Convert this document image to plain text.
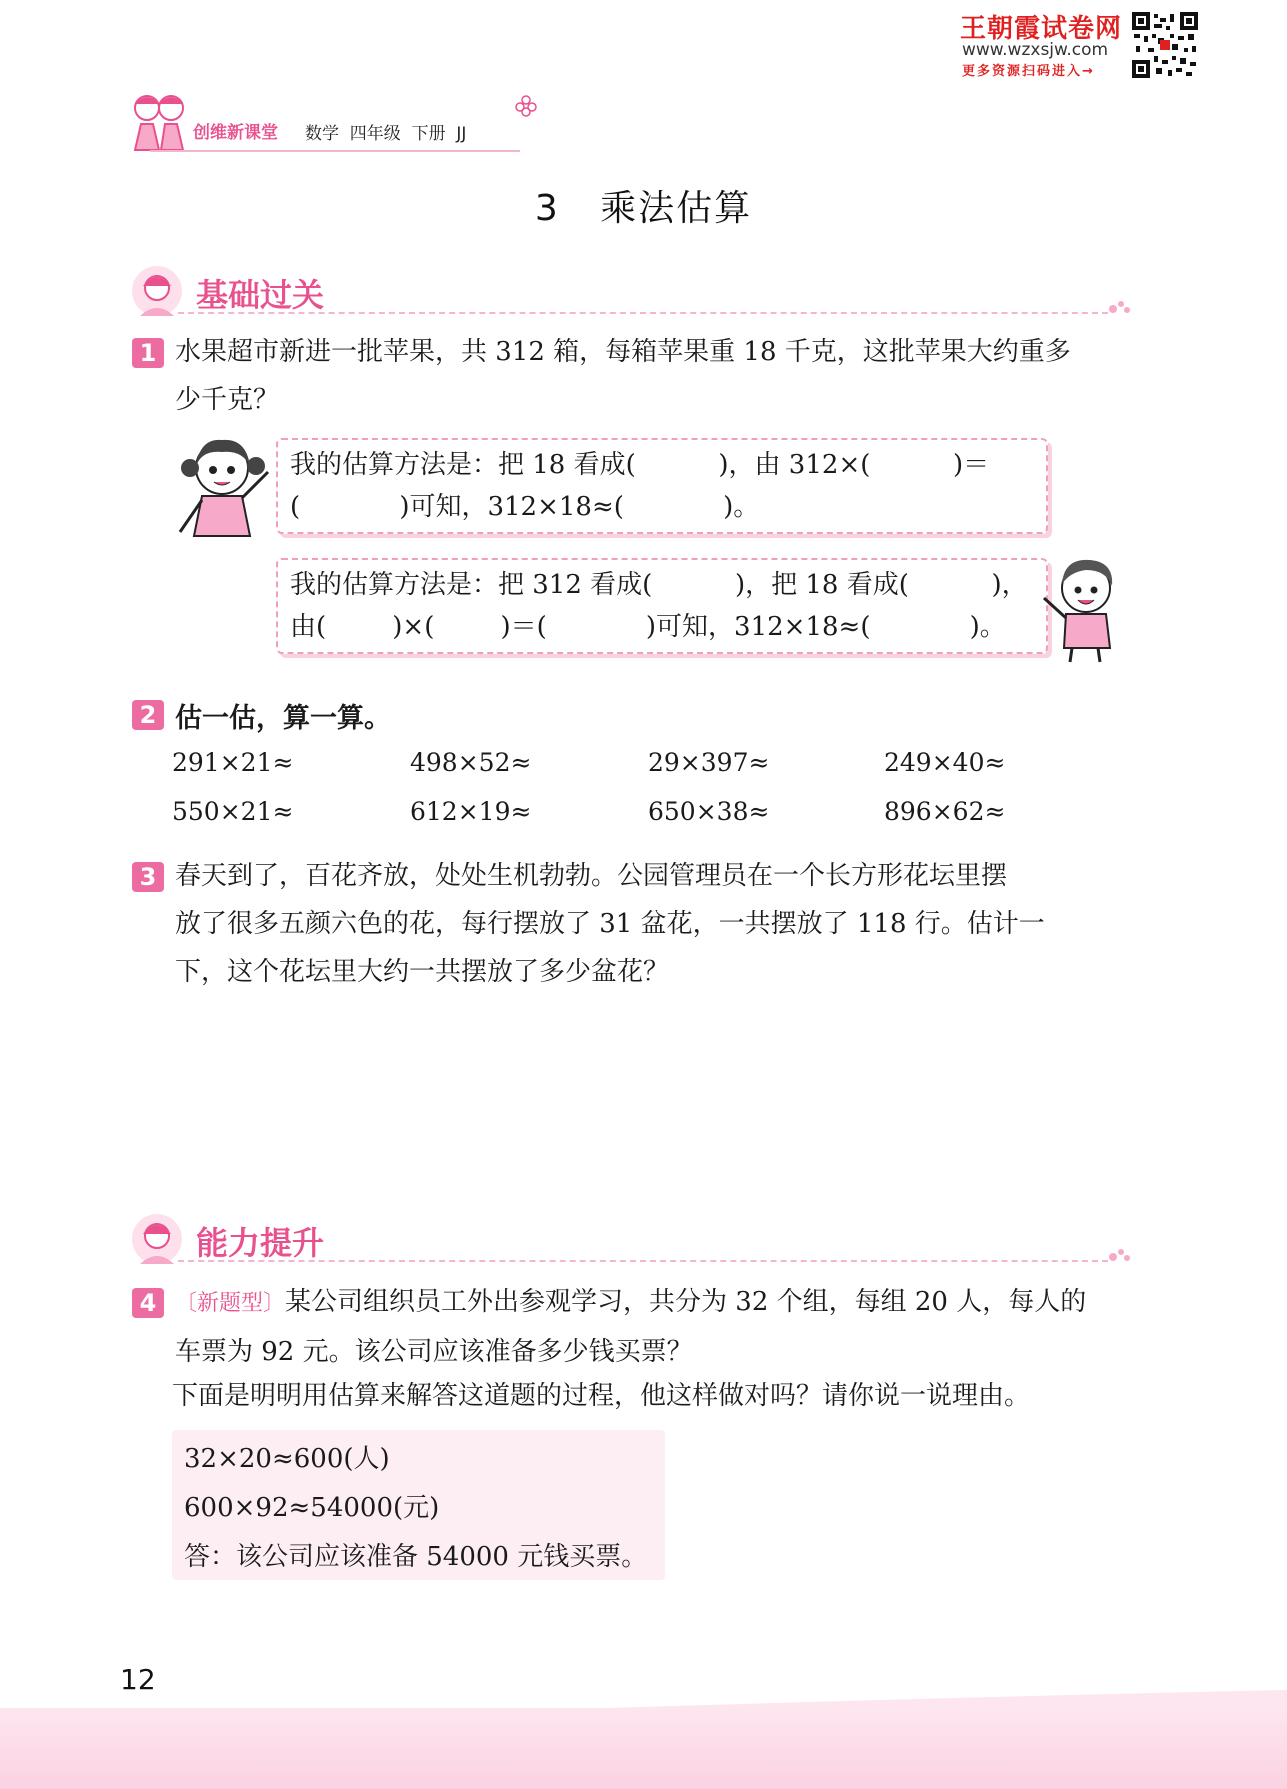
王朝霞试卷网
www.wzxsjw.com
更多资源扫码进入→
创维新课堂 数学  四年级  下册  JJ
3   乘法估算
基础过关
1 水果超市新进一批苹果，共 312 箱，每箱苹果重 18 千克，这批苹果大约重多
少千克？
我的估算方法是：把 18 看成(          )，由 312×(          )＝
(            )可知，312×18≈(            )。
我的估算方法是：把 312 看成(          )，把 18 看成(          )，
由(        )×(        )＝(            )可知，312×18≈(            )。
2 估一估，算一算。
291×21≈	498×52≈	29×397≈	249×40≈
550×21≈	612×19≈	650×38≈	896×62≈
3 春天到了，百花齐放，处处生机勃勃。公园管理员在一个长方形花坛里摆
放了很多五颜六色的花，每行摆放了 31 盆花，一共摆放了 118 行。估计一
下，这个花坛里大约一共摆放了多少盆花？
能力提升
4 〔新题型〕某公司组织员工外出参观学习，共分为 32 个组，每组 20 人，每人的
车票为 92 元。该公司应该准备多少钱买票？
下面是明明用估算来解答这道题的过程，他这样做对吗？请你说一说理由。
32×20≈600(人)
600×92≈54000(元)
答：该公司应该准备 54000 元钱买票。
12
